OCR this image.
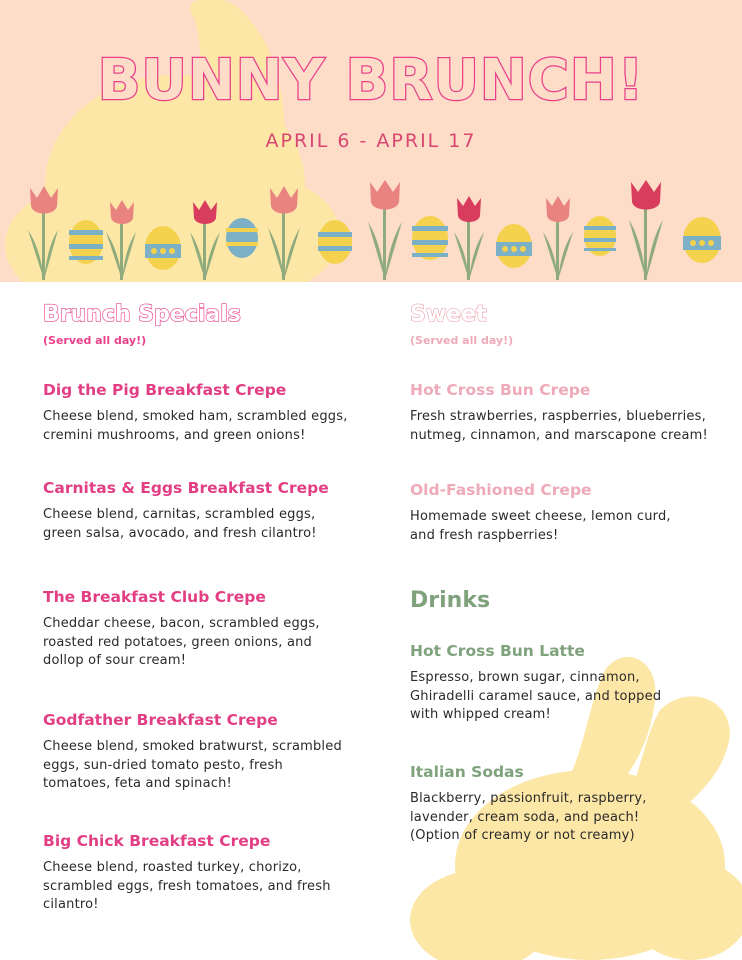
BUNNY BRUNCH!
APRIL 6 - APRIL 17
Brunch Specials
(Served all day!)
Dig the Pig Breakfast Crepe
Cheese blend, smoked ham, scrambled eggs,
cremini mushrooms, and green onions!
Carnitas & Eggs Breakfast Crepe
Cheese blend, carnitas, scrambled eggs,
green salsa, avocado, and fresh cilantro!
The Breakfast Club Crepe
Cheddar cheese, bacon, scrambled eggs,
roasted red potatoes, green onions, and
dollop of sour cream!
Godfather Breakfast Crepe
Cheese blend, smoked bratwurst, scrambled
eggs, sun-dried tomato pesto, fresh
tomatoes, feta and spinach!
Big Chick Breakfast Crepe
Cheese blend, roasted turkey, chorizo,
scrambled eggs, fresh tomatoes, and fresh
cilantro!
Sweet
(Served all day!)
Hot Cross Bun Crepe
Fresh strawberries, raspberries, blueberries,
nutmeg, cinnamon, and marscapone cream!
Old-Fashioned Crepe
Homemade sweet cheese, lemon curd,
and fresh raspberries!
Drinks
Hot Cross Bun Latte
Espresso, brown sugar, cinnamon,
Ghiradelli caramel sauce, and topped
with whipped cream!
Italian Sodas
Blackberry, passionfruit, raspberry,
lavender, cream soda, and peach!
(Option of creamy or not creamy)
